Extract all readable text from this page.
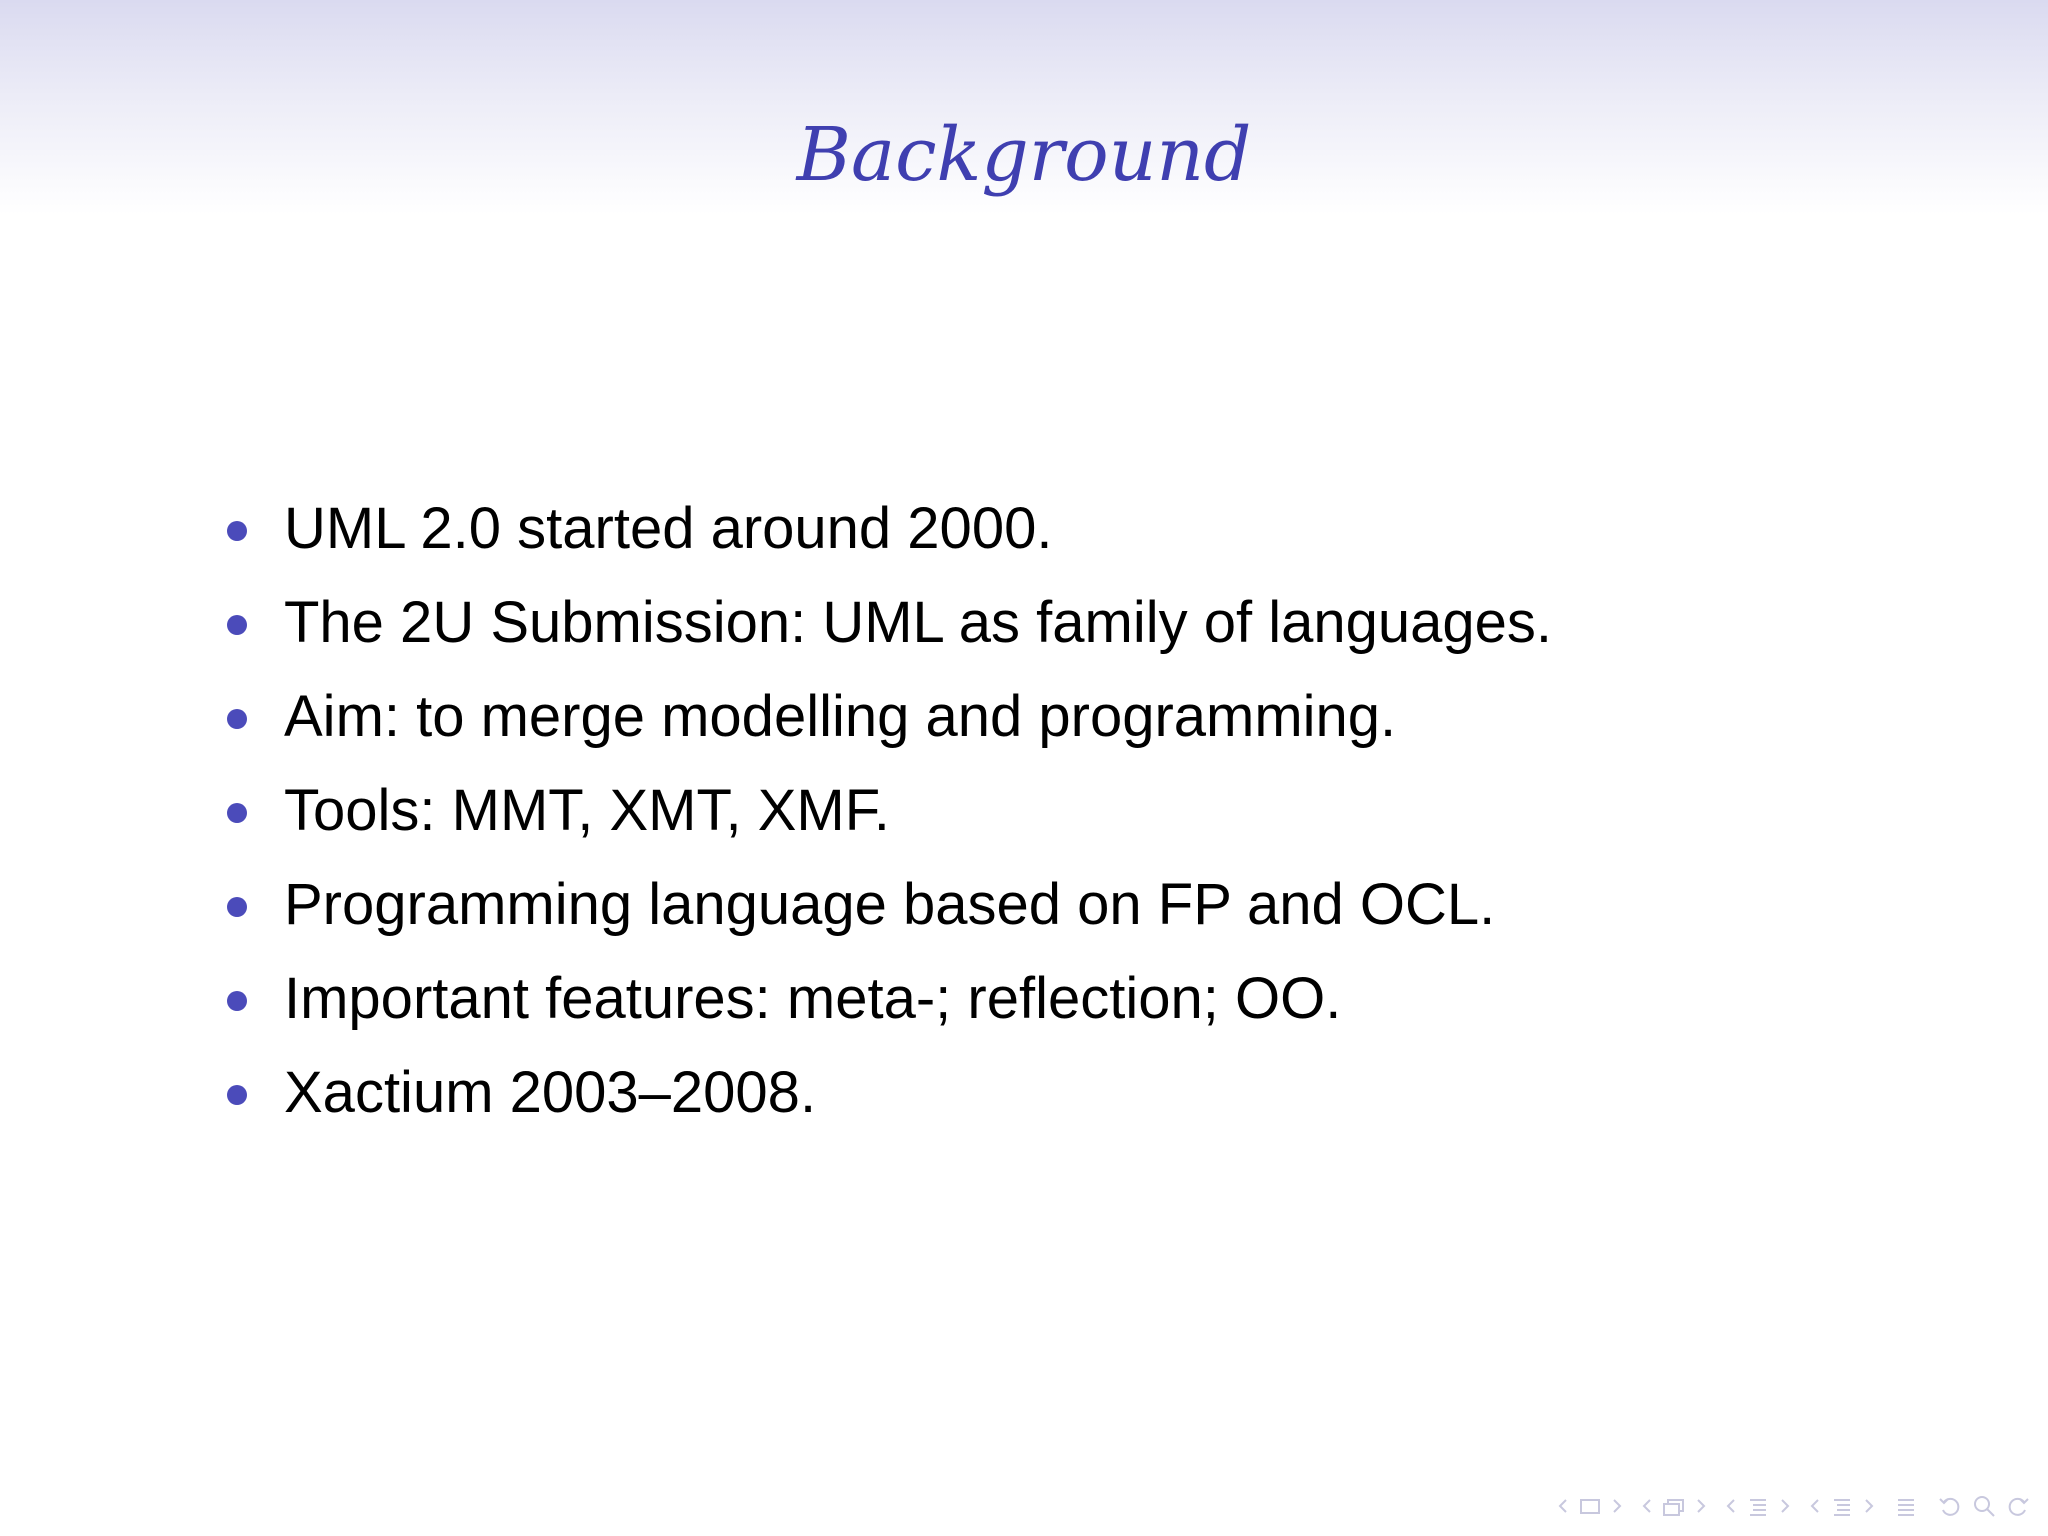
Background
UML 2.0 started around 2000.
The 2U Submission: UML as family of languages.
Aim: to merge modelling and programming.
Tools: MMT, XMT, XMF.
Programming language based on FP and OCL.
Important features: meta-; reflection; OO.
Xactium 2003–2008.
